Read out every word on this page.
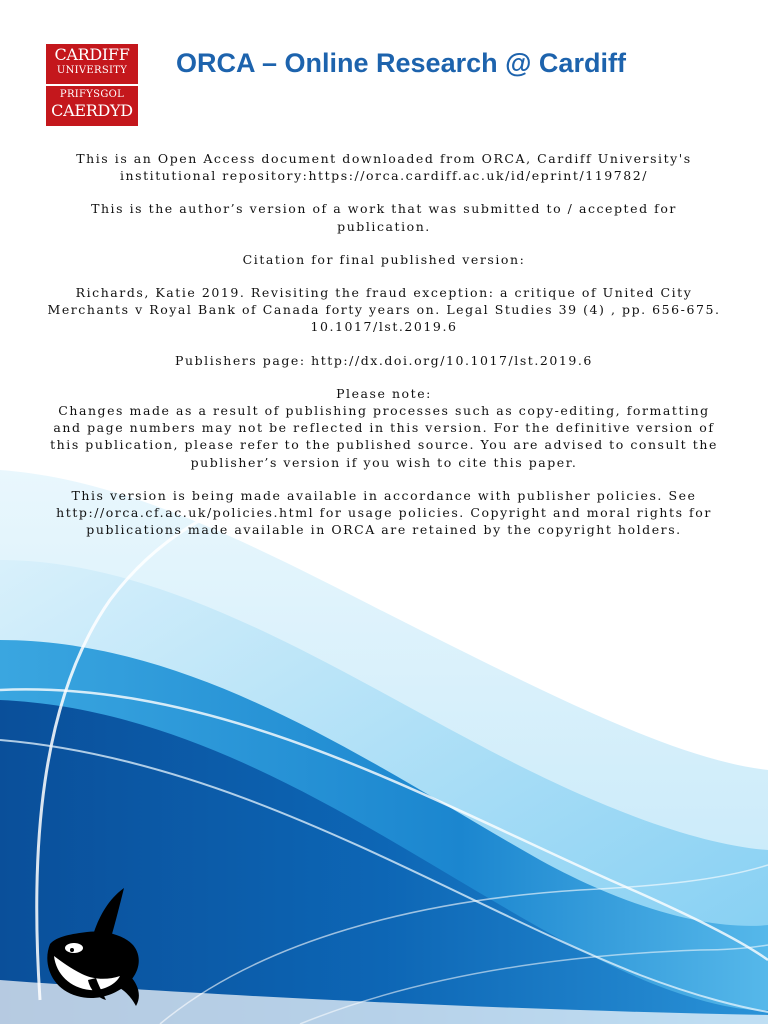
CARDIFF
UNIVERSITY
PRIFYSGOL
CAERDYD
ORCA – Online Research @ Cardiff

This is an Open Access document downloaded from ORCA, Cardiff University's
institutional repository:https://orca.cardiff.ac.uk/id/eprint/119782/

This is the author’s version of a work that was submitted to / accepted for
publication.

Citation for final published version:

Richards, Katie 2019. Revisiting the fraud exception: a critique of United City
Merchants v Royal Bank of Canada forty years on. Legal Studies 39 (4) , pp. 656-675.
10.1017/lst.2019.6

Publishers page: http://dx.doi.org/10.1017/lst.2019.6

Please note:
Changes made as a result of publishing processes such as copy-editing, formatting
and page numbers may not be reflected in this version. For the definitive version of
this publication, please refer to the published source. You are advised to consult the
publisher’s version if you wish to cite this paper.

This version is being made available in accordance with publisher policies. See
http://orca.cf.ac.uk/policies.html for usage policies. Copyright and moral rights for
publications made available in ORCA are retained by the copyright holders.
